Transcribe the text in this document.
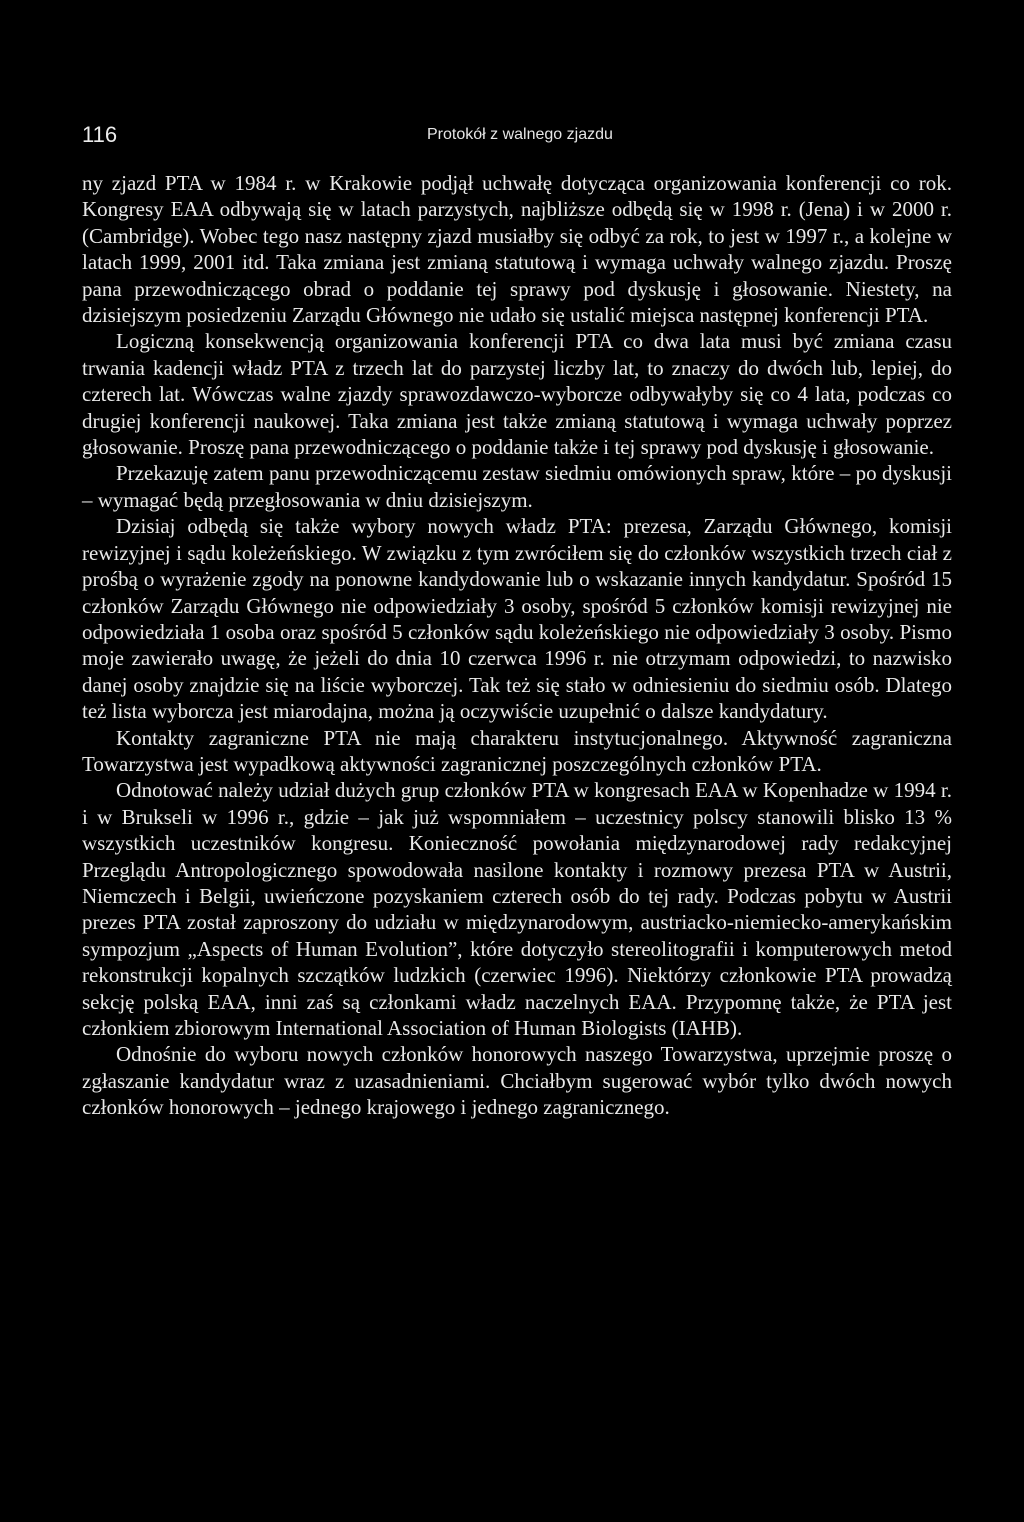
116	Protokół z walnego zjazdu

ny zjazd PTA w 1984 r. w Krakowie podjął uchwałę dotycząca organizowania konferencji co rok. Kongresy EAA odbywają się w latach parzystych, najbliższe odbędą się w 1998 r. (Jena) i w 2000 r. (Cambridge). Wobec tego nasz następny zjazd musiałby się odbyć za rok, to jest w 1997 r., a kolejne w latach 1999, 2001 itd. Taka zmiana jest zmianą statutową i wymaga uchwały walnego zjazdu. Proszę pana przewodniczącego obrad o poddanie tej sprawy pod dyskusję i głosowanie. Niestety, na dzisiejszym posiedzeniu Zarządu Głównego nie udało się ustalić miejsca następnej konferencji PTA.

Logiczną konsekwencją organizowania konferencji PTA co dwa lata musi być zmiana czasu trwania kadencji władz PTA z trzech lat do parzystej liczby lat, to znaczy do dwóch lub, lepiej, do czterech lat. Wówczas walne zjazdy sprawozdawczo-wyborcze odbywałyby się co 4 lata, podczas co drugiej konferencji naukowej. Taka zmiana jest także zmianą statutową i wymaga uchwały poprzez głosowanie. Proszę pana przewodniczącego o poddanie także i tej sprawy pod dyskusję i głosowanie.

Przekazuję zatem panu przewodniczącemu zestaw siedmiu omówionych spraw, które – po dyskusji – wymagać będą przegłosowania w dniu dzisiejszym.

Dzisiaj odbędą się także wybory nowych władz PTA: prezesa, Zarządu Głównego, komisji rewizyjnej i sądu koleżeńskiego. W związku z tym zwróciłem się do członków wszystkich trzech ciał z prośbą o wyrażenie zgody na ponowne kandydowanie lub o wskazanie innych kandydatur. Spośród 15 członków Zarządu Głównego nie odpowiedziały 3 osoby, spośród 5 członków komisji rewizyjnej nie odpowiedziała 1 osoba oraz spośród 5 członków sądu koleżeńskiego nie odpowiedziały 3 osoby. Pismo moje zawierało uwagę, że jeżeli do dnia 10 czerwca 1996 r. nie otrzymam odpowiedzi, to nazwisko danej osoby znajdzie się na liście wyborczej. Tak też się stało w odniesieniu do siedmiu osób. Dlatego też lista wyborcza jest miarodajna, można ją oczywiście uzupełnić o dalsze kandydatury.

Kontakty zagraniczne PTA nie mają charakteru instytucjonalnego. Aktywność zagraniczna Towarzystwa jest wypadkową aktywności zagranicznej poszczególnych członków PTA.

Odnotować należy udział dużych grup członków PTA w kongresach EAA w Kopenhadze w 1994 r. i w Brukseli w 1996 r., gdzie – jak już wspomniałem – uczestnicy polscy stanowili blisko 13 % wszystkich uczestników kongresu. Konieczność powołania międzynarodowej rady redakcyjnej Przeglądu Antropologicznego spowodowała nasilone kontakty i rozmowy prezesa PTA w Austrii, Niemczech i Belgii, uwieńczone pozyskaniem czterech osób do tej rady. Podczas pobytu w Austrii prezes PTA został zaproszony do udziału w międzynarodowym, austriacko-niemiecko-amerykańskim sympozjum „Aspects of Human Evolution”, które dotyczyło stereolitografii i komputerowych metod rekonstrukcji kopalnych szczątków ludzkich (czerwiec 1996). Niektórzy członkowie PTA prowadzą sekcję polską EAA, inni zaś są członkami władz naczelnych EAA. Przypomnę także, że PTA jest członkiem zbiorowym International Association of Human Biologists (IAHB).

Odnośnie do wyboru nowych członków honorowych naszego Towarzystwa, uprzejmie proszę o zgłaszanie kandydatur wraz z uzasadnieniami. Chciałbym sugerować wybór tylko dwóch nowych członków honorowych – jednego krajowego i jednego zagranicznego.
